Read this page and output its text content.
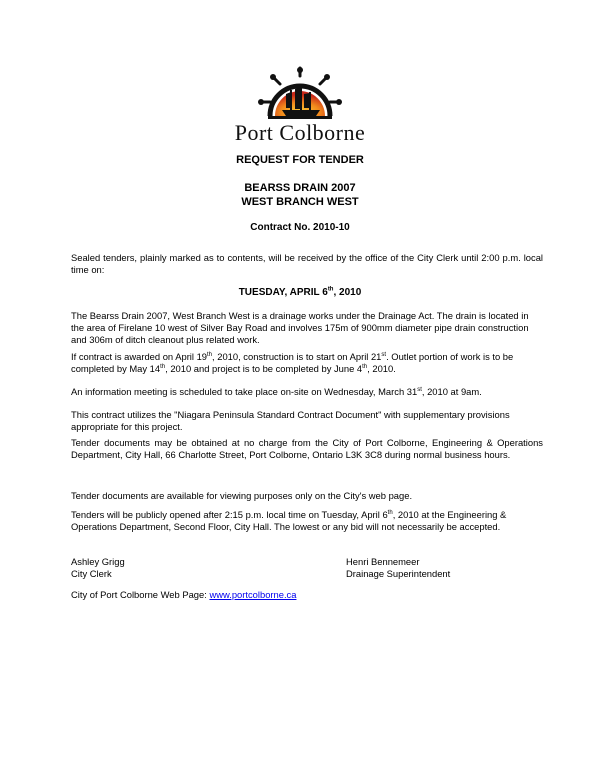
Port Colborne
REQUEST FOR TENDER
BEARSS DRAIN 2007
WEST BRANCH WEST
Contract No. 2010-10
Sealed tenders, plainly marked as to contents, will be received by the office of the City Clerk until 2:00 p.m. local time on:
TUESDAY, APRIL 6th, 2010
The Bearss Drain 2007, West Branch West is a drainage works under the Drainage Act. The drain is located in the area of Firelane 10 west of Silver Bay Road and involves 175m of 900mm diameter pipe drain construction and 306m of ditch cleanout plus related work.
If contract is awarded on April 19th, 2010, construction is to start on April 21st. Outlet portion of work is to be completed by May 14th, 2010 and project is to be completed by June 4th, 2010.
An information meeting is scheduled to take place on-site on Wednesday, March 31st, 2010 at 9am.
This contract utilizes the "Niagara Peninsula Standard Contract Document" with supplementary provisions appropriate for this project.
Tender documents may be obtained at no charge from the City of Port Colborne, Engineering & Operations Department, City Hall, 66 Charlotte Street, Port Colborne, Ontario L3K 3C8 during normal business hours.
Tender documents are available for viewing purposes only on the City's web page.
Tenders will be publicly opened after 2:15 p.m. local time on Tuesday, April 6th, 2010 at the Engineering & Operations Department, Second Floor, City Hall. The lowest or any bid will not necessarily be accepted.
Ashley Grigg
City Clerk
Henri Bennemeer
Drainage Superintendent
City of Port Colborne Web Page: www.portcolborne.ca
